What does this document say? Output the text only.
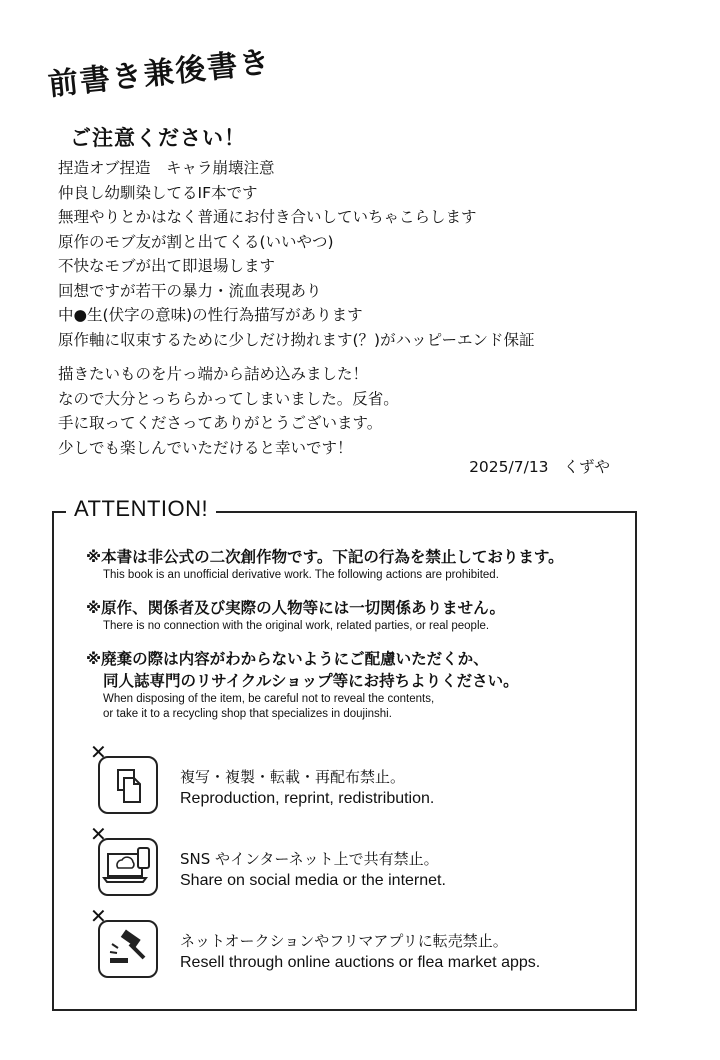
前書き兼後書き
ご注意ください！
捏造オブ捏造　キャラ崩壊注意
仲良し幼馴染してるIF本です
無理やりとかはなく普通にお付き合いしていちゃこらします
原作のモブ友が割と出てくる(いいやつ)
不快なモブが出て即退場します
回想ですが若干の暴力・流血表現あり
中●生(伏字の意味)の性行為描写があります
原作軸に収束するために少しだけ拗れます(？)がハッピーエンド保証
描きたいものを片っ端から詰め込みました！
なので大分とっちらかってしまいました。反省。
手に取ってくださってありがとうございます。
少しでも楽しんでいただけると幸いです！
2025/7/13 くずや
ATTENTION!
※本書は非公式の二次創作物です。下記の行為を禁止しております。
This book is an unofficial derivative work. The following actions are prohibited.
※原作、関係者及び実際の人物等には一切関係ありません。
There is no connection with the original work, related parties, or real people.
※廃棄の際は内容がわからないようにご配慮いただくか、
同人誌専門のリサイクルショップ等にお持ちよりください。
When disposing of the item, be careful not to reveal the contents,
or take it to a recycling shop that specializes in doujinshi.
✕
複写・複製・転載・再配布禁止。
Reproduction, reprint, redistribution.
✕
SNS やインターネット上で共有禁止。
Share on social media or the internet.
✕
ネットオークションやフリマアプリに転売禁止。
Resell through online auctions or flea market apps.
